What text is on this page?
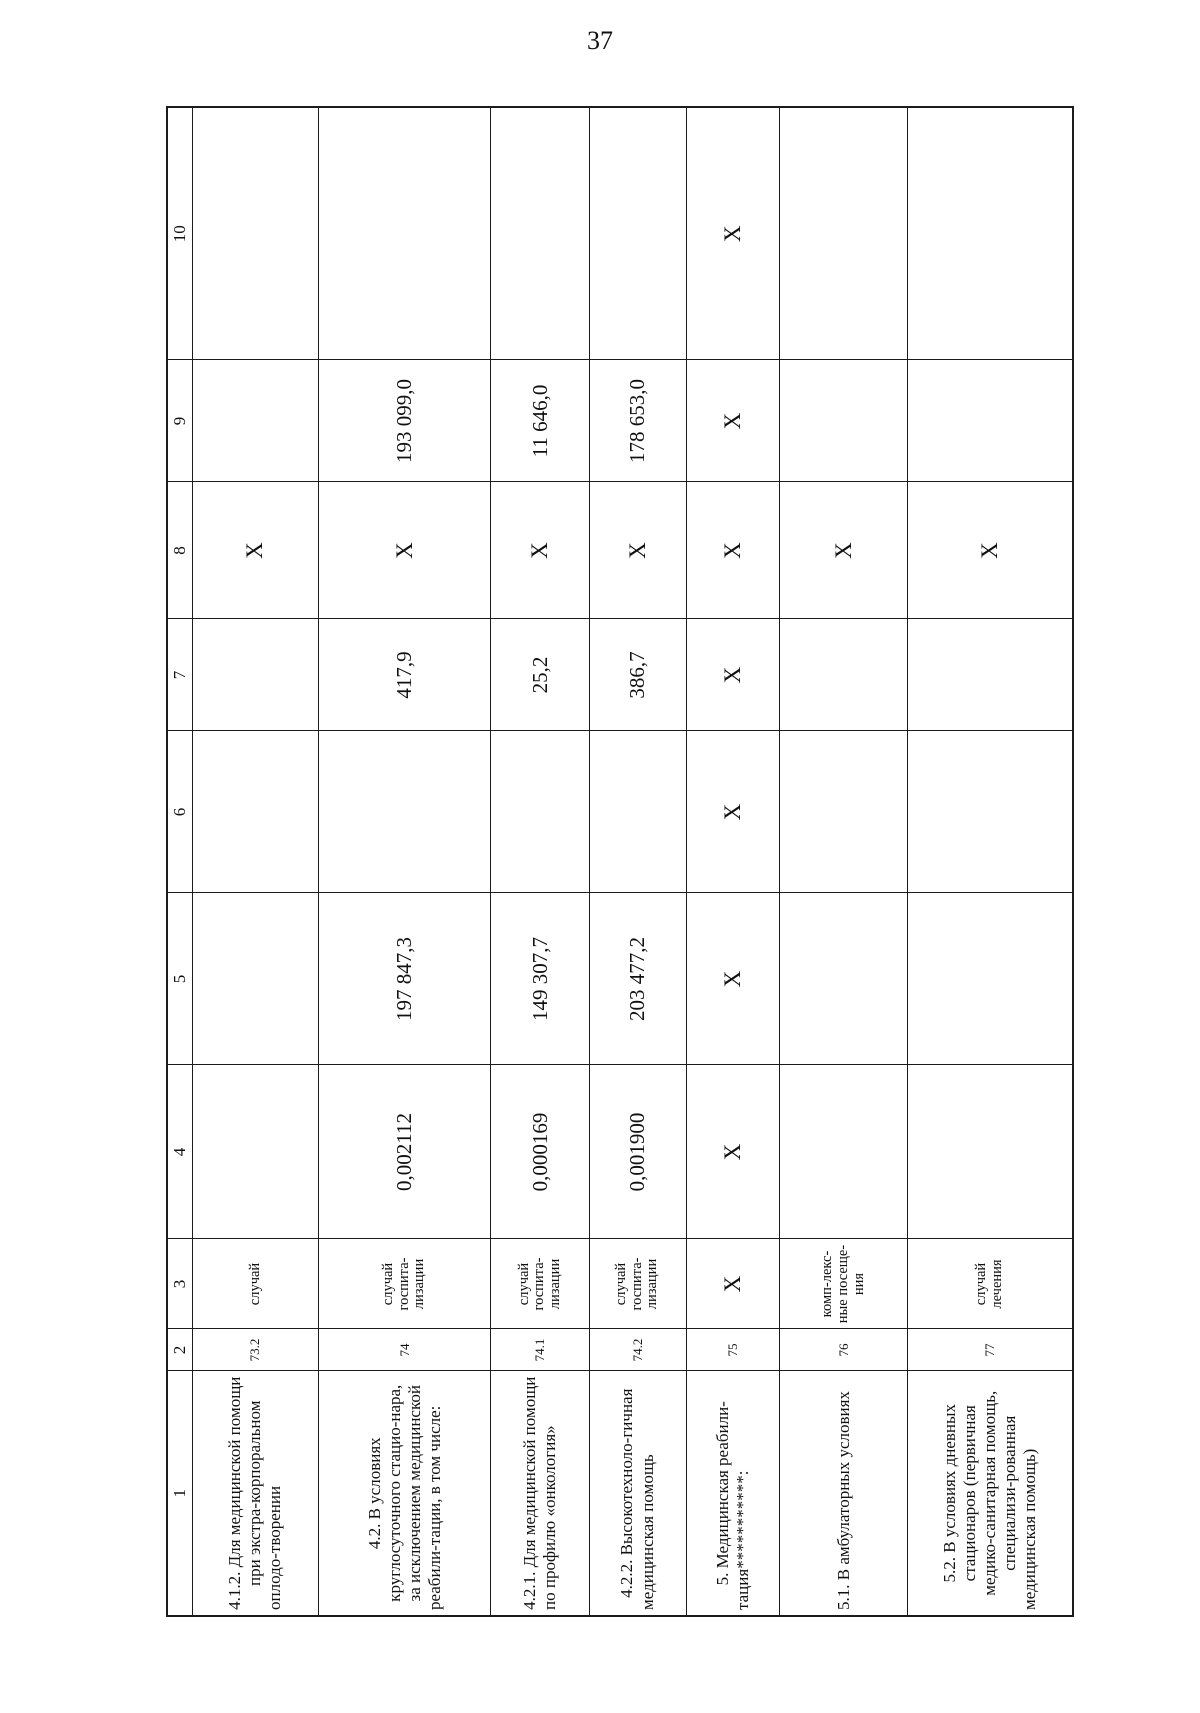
37
1	2	3	4	5	6	7	8	9	10
4.1.2. Для медицинской помощи при экстра-корпоральном оплодо-творении	73.2	случай					X		
4.2. В условиях круглосуточного стацио-нара, за исключением медицинской реабили-тации, в том числе:	74	случай госпита-лизации	0,002112	197 847,3		417,9	X	193 099,0	
4.2.1. Для медицинской помощи по профилю «онкология»	74.1	случай госпита-лизации	0,000169	149 307,7		25,2	X	11 646,0	
4.2.2. Высокотехноло-гичная медицинская помощь	74.2	случай госпита-лизации	0,001900	203 477,2		386,7	X	178 653,0	
5. Медицинская реабили-тация***********:	75	X	X	X	X	X	X	X	X
5.1. В амбулаторных условиях	76	комп-лекс-ные посеще-ния					X		
5.2. В условиях дневных стационаров (первичная медико-санитарная помощь, специализи-рованная медицинская помощь)	77	случай лечения					X		
